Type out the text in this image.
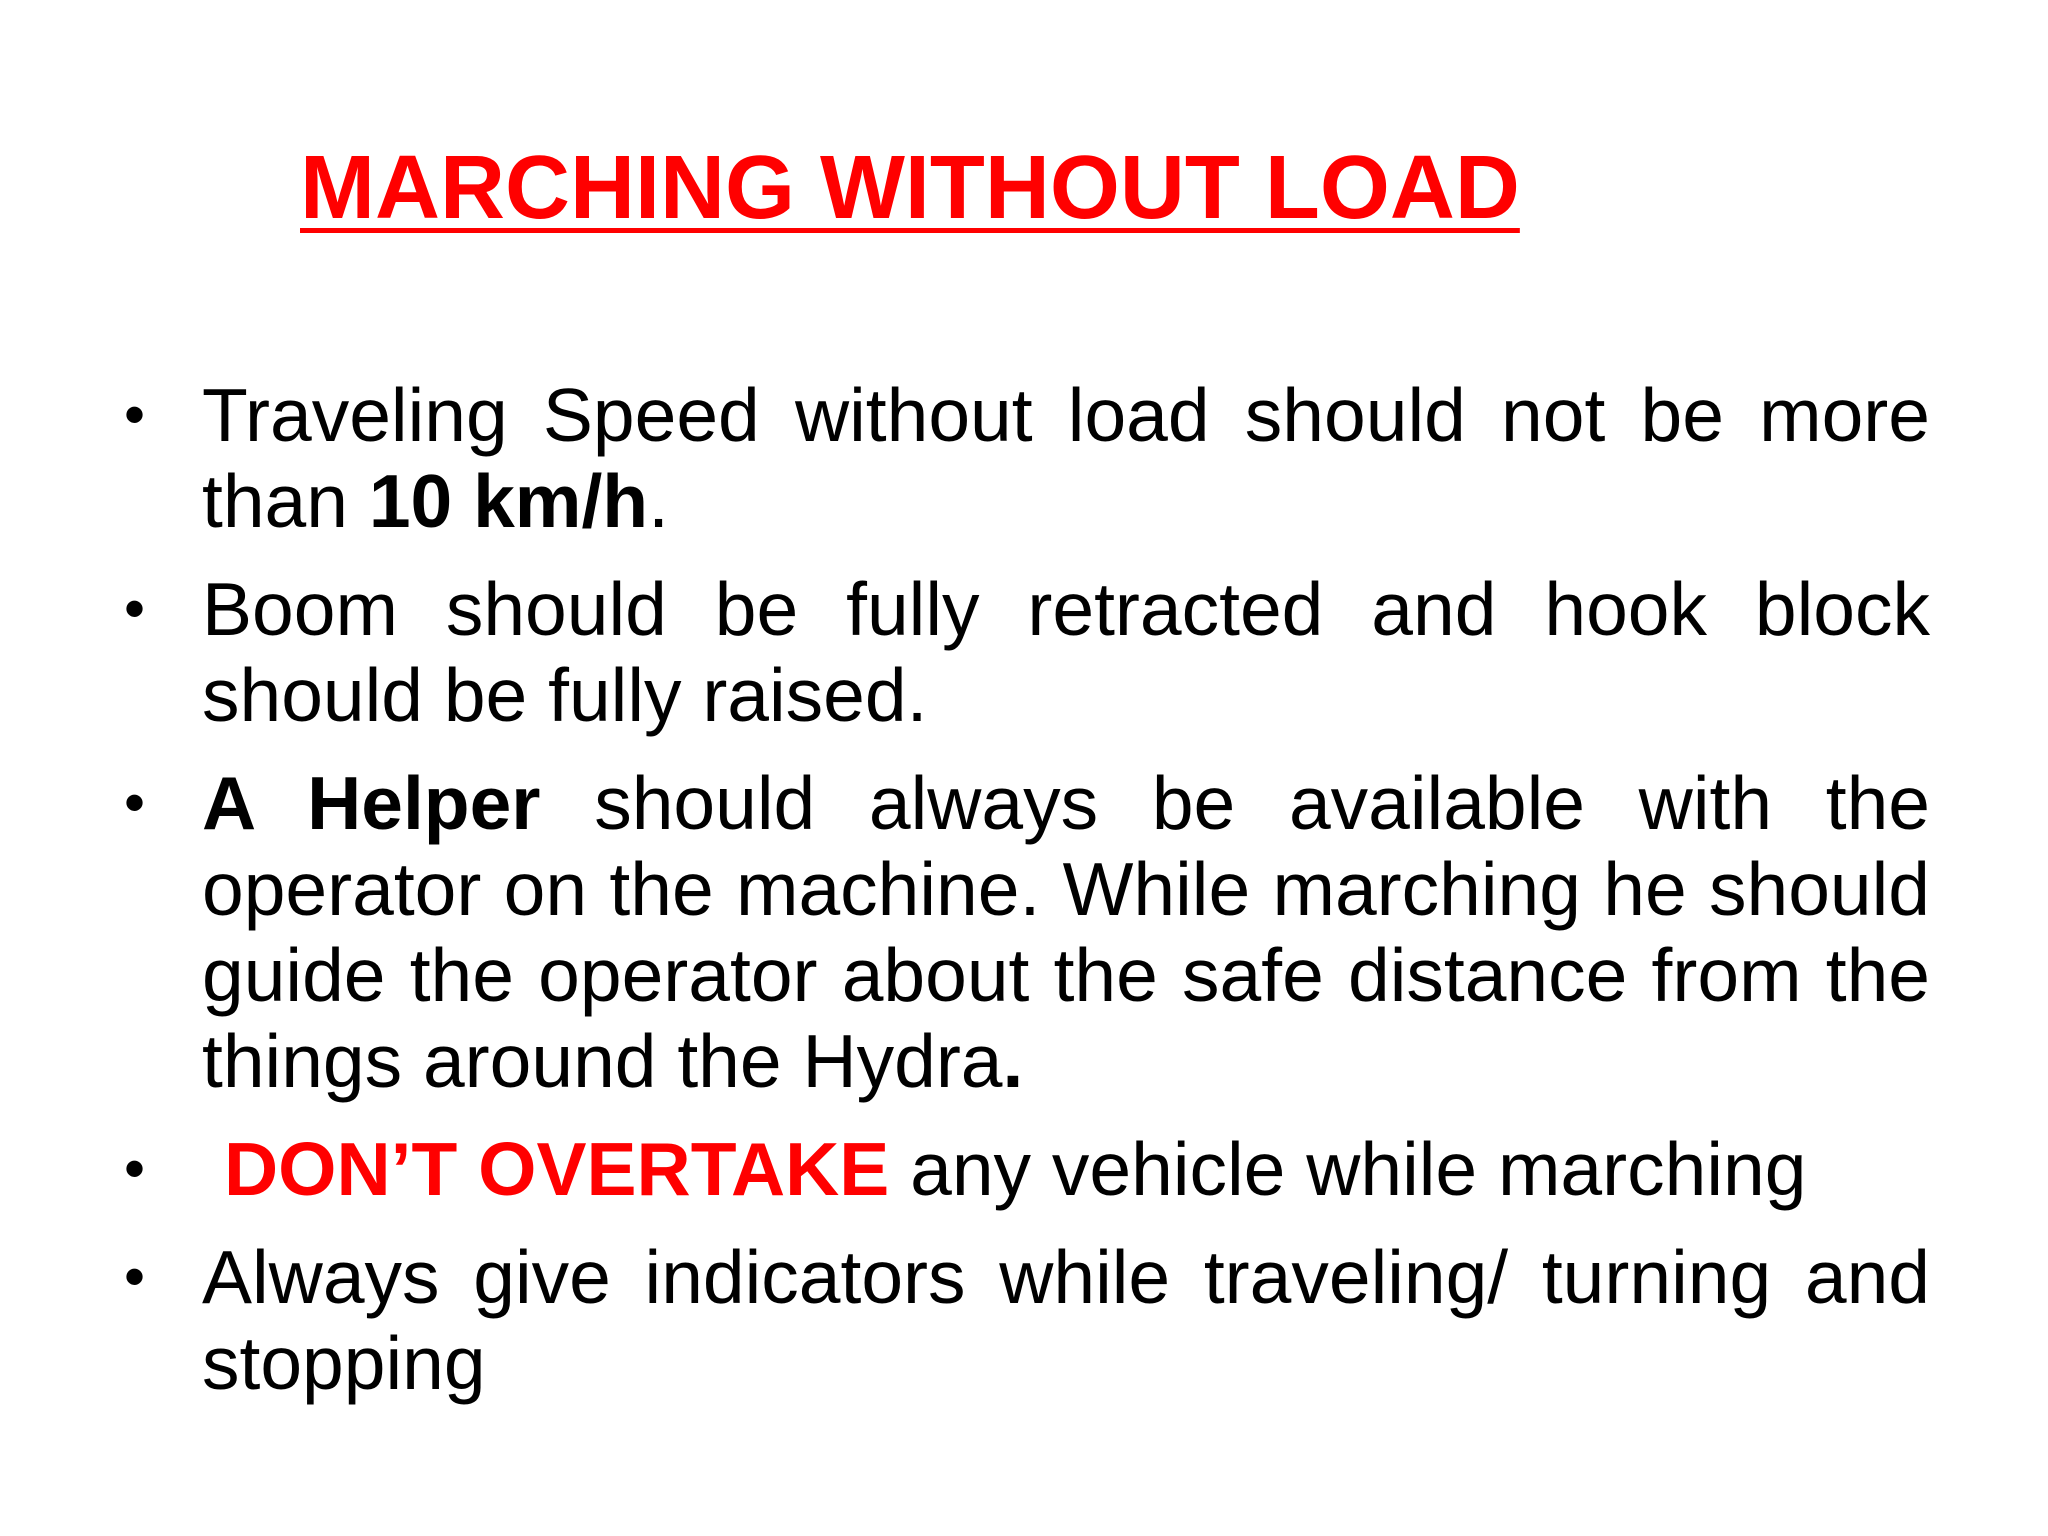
MARCHING WITHOUT LOAD
• Traveling Speed without load should not be more than 10 km/h.
• Boom should be fully retracted and hook block should be fully raised.
• A Helper should always be available with the operator on the machine. While marching he should guide the operator about the safe distance from the things around the Hydra.
•	DON’T OVERTAKE any vehicle while marching
• Always give indicators while traveling/ turning and stopping
